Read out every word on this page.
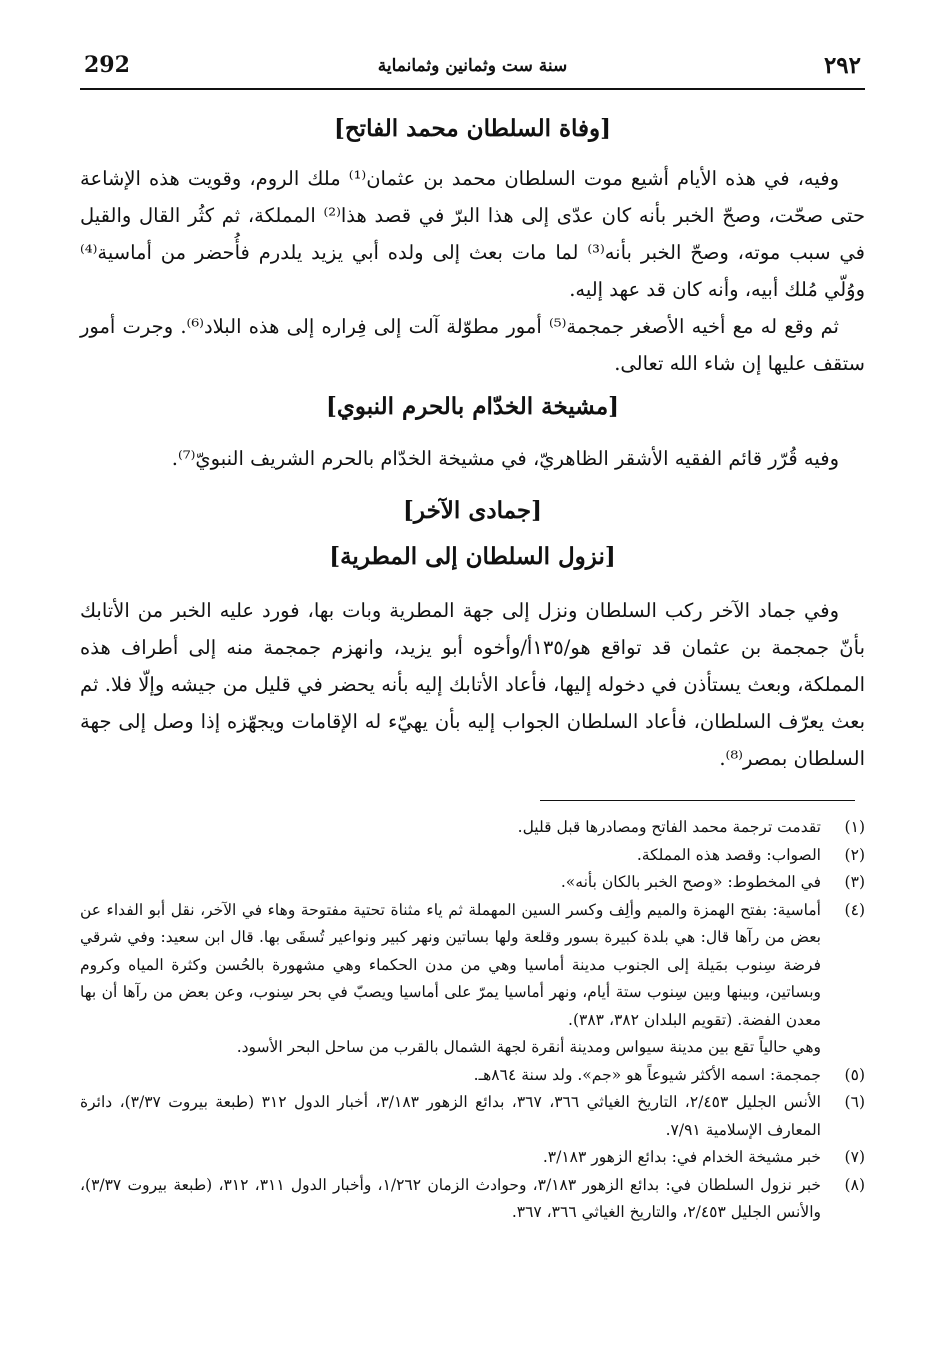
292	سنة ست وثمانين وثمانماية	٢٩٢
[وفاة السلطان محمد الفاتح]

وفيه، في هذه الأيام أشيع موت السلطان محمد بن عثمان⁽¹⁾ ملك الروم، وقويت هذه الإشاعة حتى صحّت، وصحّ الخبر بأنه كان عدّى إلى هذا البرّ في قصد هذا⁽²⁾ المملكة، ثم كثُر القال والقيل في سبب موته، وصحّ الخبر بأنه⁽³⁾ لما مات بعث إلى ولده أبي يزيد يلدرم فأُحضر من أماسية⁽⁴⁾ ووُلّي مُلك أبيه، وأنه كان قد عهد إليه.

ثم وقع له مع أخيه الأصغر جمجمة⁽⁵⁾ أمور مطوّلة آلت إلى فِراره إلى هذه البلاد⁽⁶⁾. وجرت أمور ستقف عليها إن شاء الله تعالى.

[مشيخة الخدّام بالحرم النبوي]

وفيه قُرّر قائم الفقيه الأشقر الظاهريّ، في مشيخة الخدّام بالحرم الشريف النبويّ⁽⁷⁾.

[جمادى الآخر]
[نزول السلطان إلى المطرية]

وفي جماد الآخر ركب السلطان ونزل إلى جهة المطرية وبات بها، فورد عليه الخبر من الأتابك بأنّ جمجمة بن عثمان قد تواقع هو/١٣٥أ/وأخوه أبو يزيد، وانهزم جمجمة منه إلى أطراف هذه المملكة، وبعث يستأذن في دخوله إليها، فأعاد الأتابك إليه بأنه يحضر في قليل من جيشه وإلّا فلا. ثم بعث يعرّف السلطان، فأعاد السلطان الجواب إليه بأن يهيّء له الإقامات ويجهّزه إذا وصل إلى جهة السلطان بمصر⁽⁸⁾.

(١)
تقدمت ترجمة محمد الفاتح ومصادرها قبل قليل.
(٢)
الصواب: وقصد هذه المملكة.
(٣)
في المخطوط: «وصح الخبر بالكان بأنه».
(٤)
أماسية: بفتح الهمزة والميم وألِف وكسر السين المهملة ثم ياء مثناة تحتية مفتوحة وهاء في الآخر، نقل أبو الفداء عن بعض من رآها قال: هي بلدة كبيرة بسور وقلعة ولها بساتين ونهر كبير ونواعير تُسقَى بها. قال ابن سعيد: وفي شرقي فرضة سِنوب بمَيلة إلى الجنوب مدينة أماسيا وهي من مدن الحكماء وهي مشهورة بالحُسن وكثرة المياه وكروم وبساتين، وبينها وبين سِنوب ستة أيام، ونهر أماسيا يمرّ على أماسيا ويصبّ في بحر سِنوب، وعن بعض من رآها أن بها معدن الفضة. (تقويم البلدان ٣٨٢، ٣٨٣).
وهي حالياً تقع بين مدينة سيواس ومدينة أنقرة لجهة الشمال بالقرب من ساحل البحر الأسود.
(٥)
جمجمة: اسمه الأكثر شيوعاً هو «جم». ولد سنة ٨٦٤هـ.
(٦)
الأنس الجليل ٢/٤٥٣، التاريخ الغياثي ٣٦٦، ٣٦٧، بدائع الزهور ٣/١٨٣، أخبار الدول ٣١٢ (طبعة بيروت ٣/٣٧)، دائرة المعارف الإسلامية ٧/٩١.
(٧)
خبر مشيخة الخدام في: بدائع الزهور ٣/١٨٣.
(٨)
خبر نزول السلطان في: بدائع الزهور ٣/١٨٣، وحوادث الزمان ١/٢٦٢، وأخبار الدول ٣١١، ٣١٢، (طبعة بيروت ٣/٣٧)، والأنس الجليل ٢/٤٥٣، والتاريخ الغياثي ٣٦٦، ٣٦٧.
